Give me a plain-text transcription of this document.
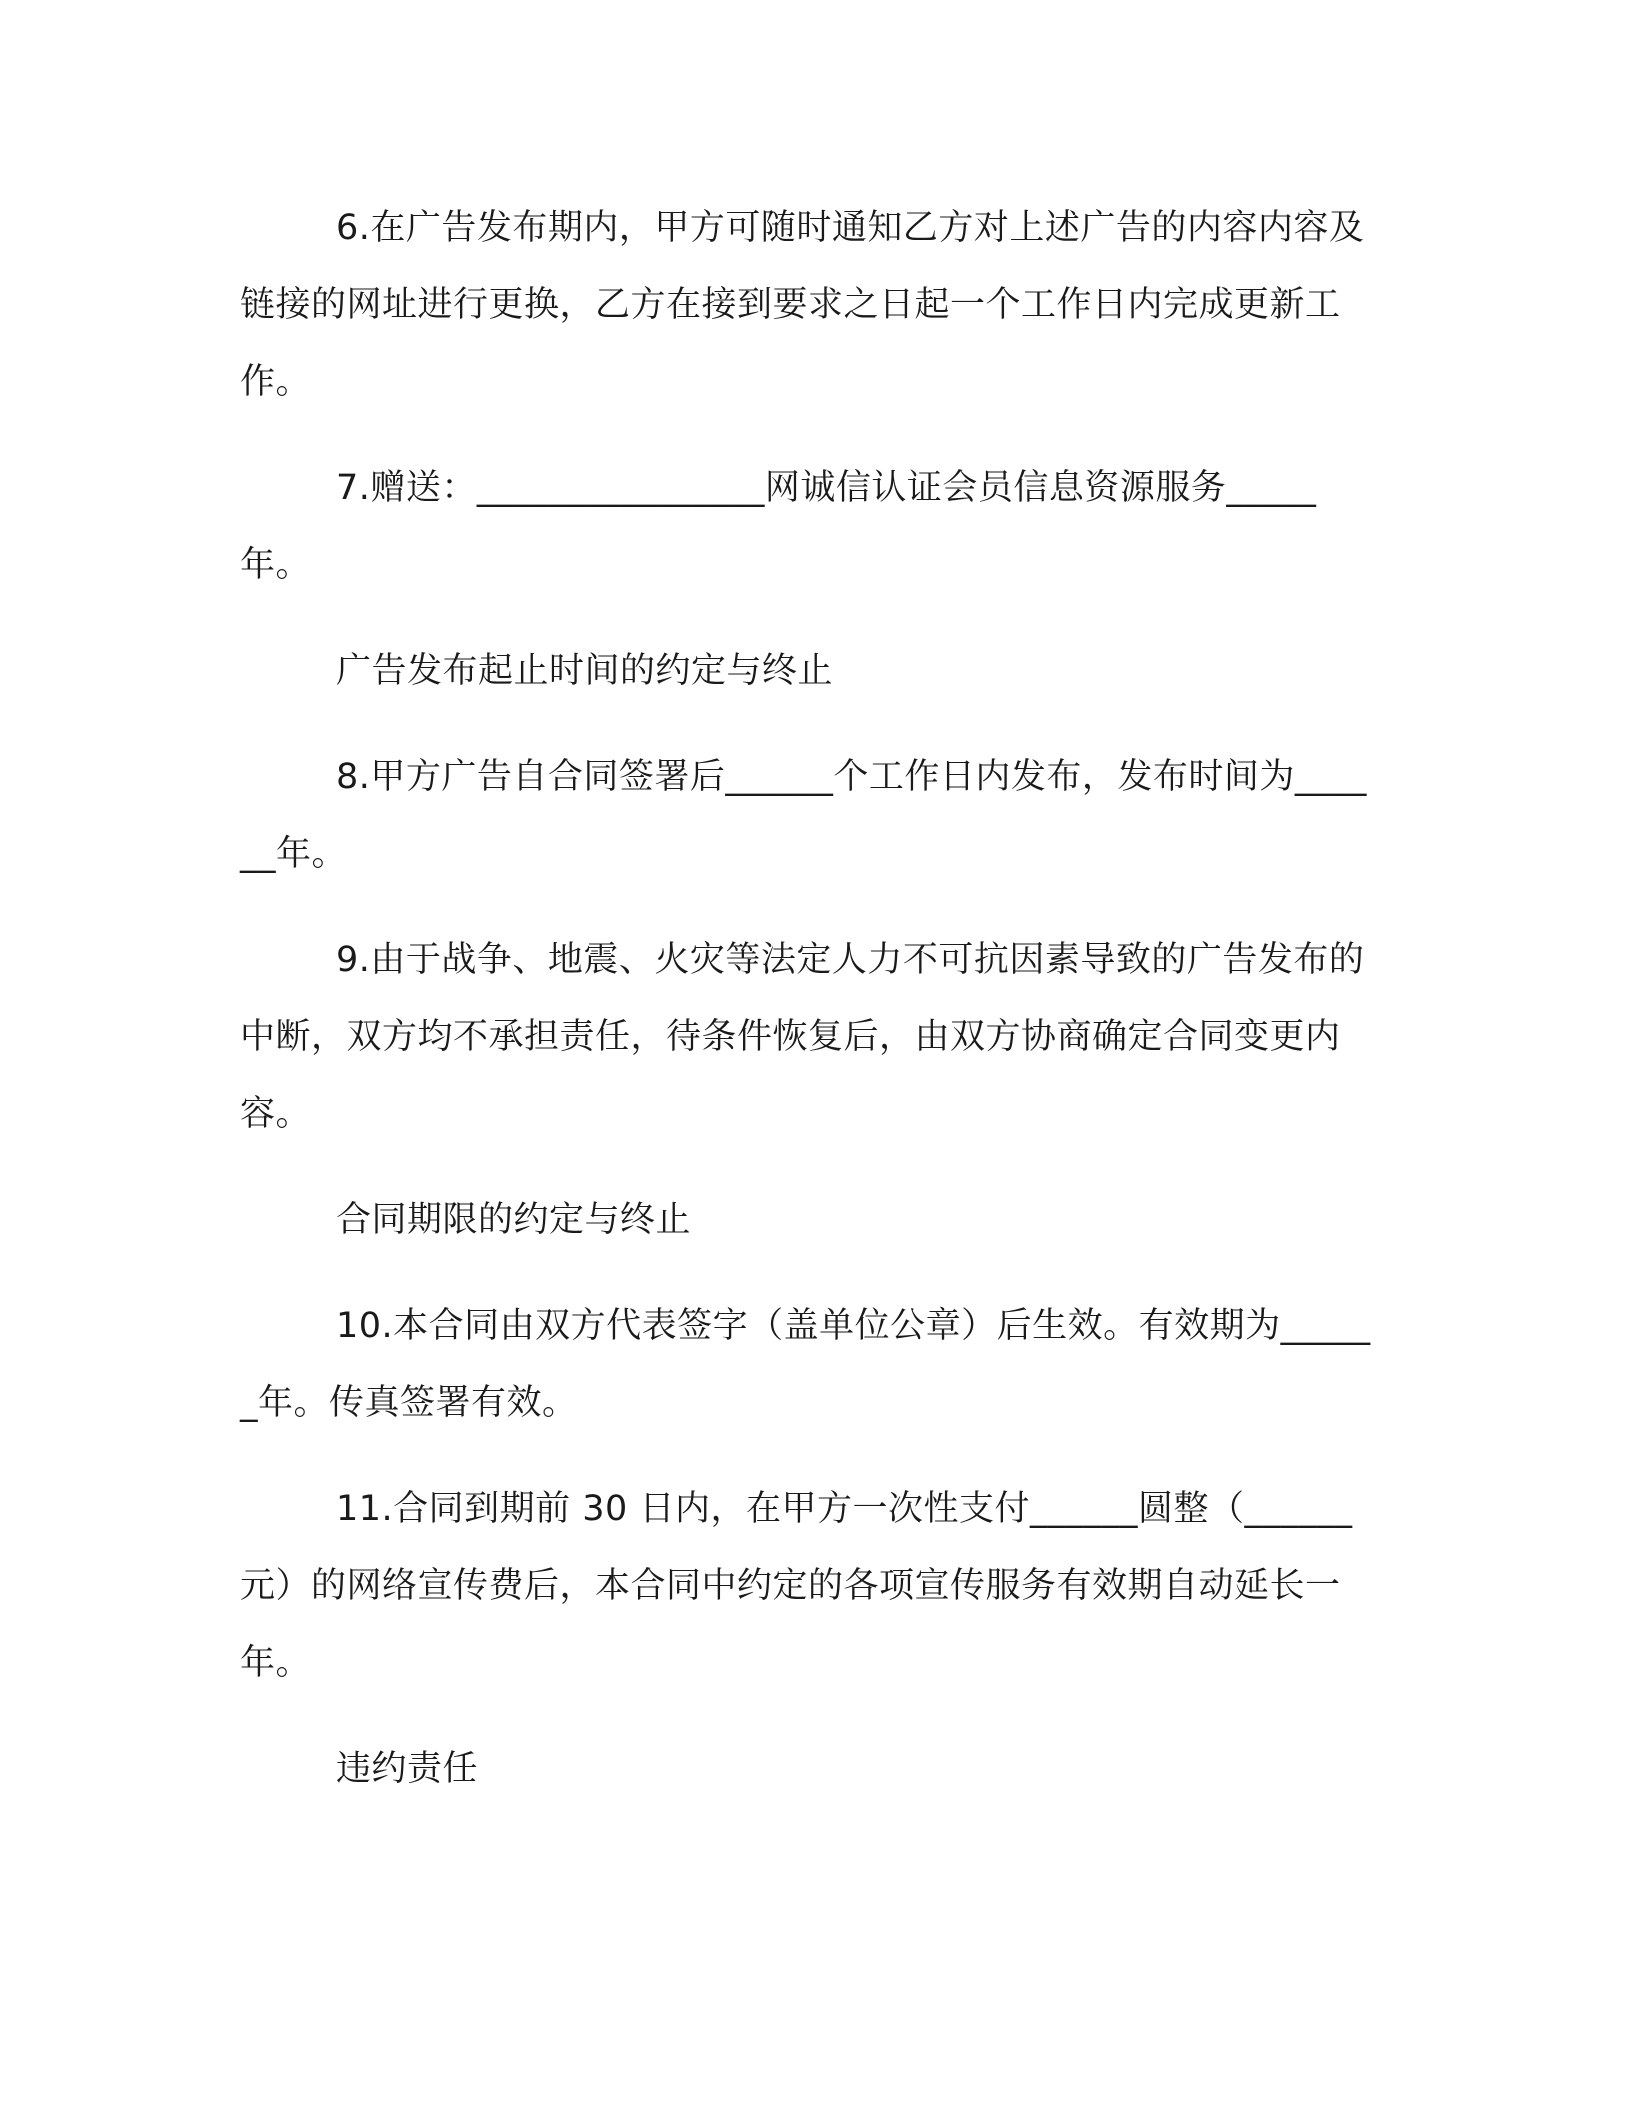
6.在广告发布期内，甲方可随时通知乙方对上述广告的内容内容及链接的网址进行更换，乙方在接到要求之日起一个工作日内完成更新工作。

7.赠送：________________网诚信认证会员信息资源服务_____年。

广告发布起止时间的约定与终止

8.甲方广告自合同签署后______个工作日内发布，发布时间为______年。

9.由于战争、地震、火灾等法定人力不可抗因素导致的广告发布的中断，双方均不承担责任，待条件恢复后，由双方协商确定合同变更内容。

合同期限的约定与终止

10.本合同由双方代表签字（盖单位公章）后生效。有效期为______年。传真签署有效。

11.合同到期前 30 日内，在甲方一次性支付______圆整（______元）的网络宣传费后，本合同中约定的各项宣传服务有效期自动延长一年。

违约责任
